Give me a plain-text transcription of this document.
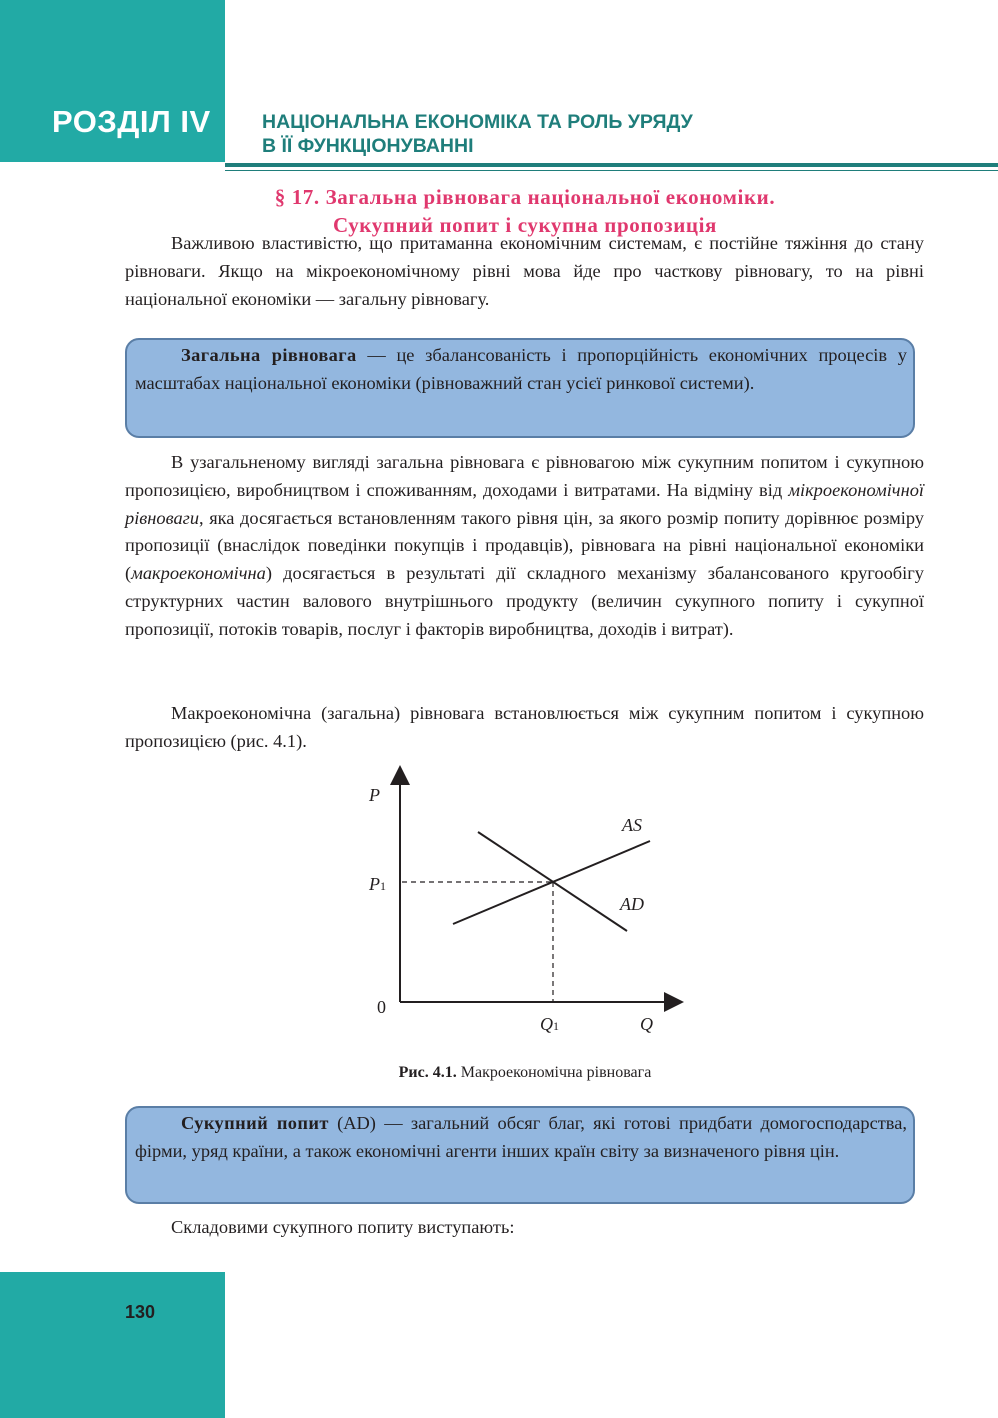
РОЗДІЛ IV	НАЦІОНАЛЬНА ЕКОНОМІКА ТА РОЛЬ УРЯДУ
В ЇЇ ФУНКЦІОНУВАННІ
§ 17. Загальна рівновага національної економіки.
Сукупний попит і сукупна пропозиція

Важливою властивістю, що притаманна економічним системам, є постійне тяжіння до стану рівноваги. Якщо на мікроекономічному рівні мова йде про часткову рівновагу, то на рівні національної економіки — загальну рівновагу.

Загальна рівновага — це збалансованість і пропорційність економічних процесів у масштабах національної економіки (рівноважний стан усієї ринкової системи).

В узагальненому вигляді загальна рівновага є рівновагою між сукупним попитом і сукупною пропозицією, виробництвом і споживанням, доходами і витратами. На відміну від мікроекономічної рівноваги, яка досягається встановленням такого рівня цін, за якого розмір попиту дорівнює розміру пропозиції (внаслідок поведінки покупців і продавців), рівновага на рівні національної економіки (макроекономічна) досягається в результаті дії складного механізму збалансованого кругообігу структурних частин валового внутрішнього продукту (величин сукупного попиту і сукупної пропозиції, потоків товарів, послуг і факторів виробництва, доходів і витрат).

Макроекономічна (загальна) рівновага встановлюється між сукупним попитом і сукупною пропозицією (рис. 4.1).

P
P1
0
Q1	Q
AS
AD
Рис. 4.1. Макроекономічна рівновага

Сукупний попит (AD) — загальний обсяг благ, які готові придбати домогосподарства, фірми, уряд країни, а також економічні агенти інших країн світу за визначеного рівня цін.

Складовими сукупного попиту виступають:

130
